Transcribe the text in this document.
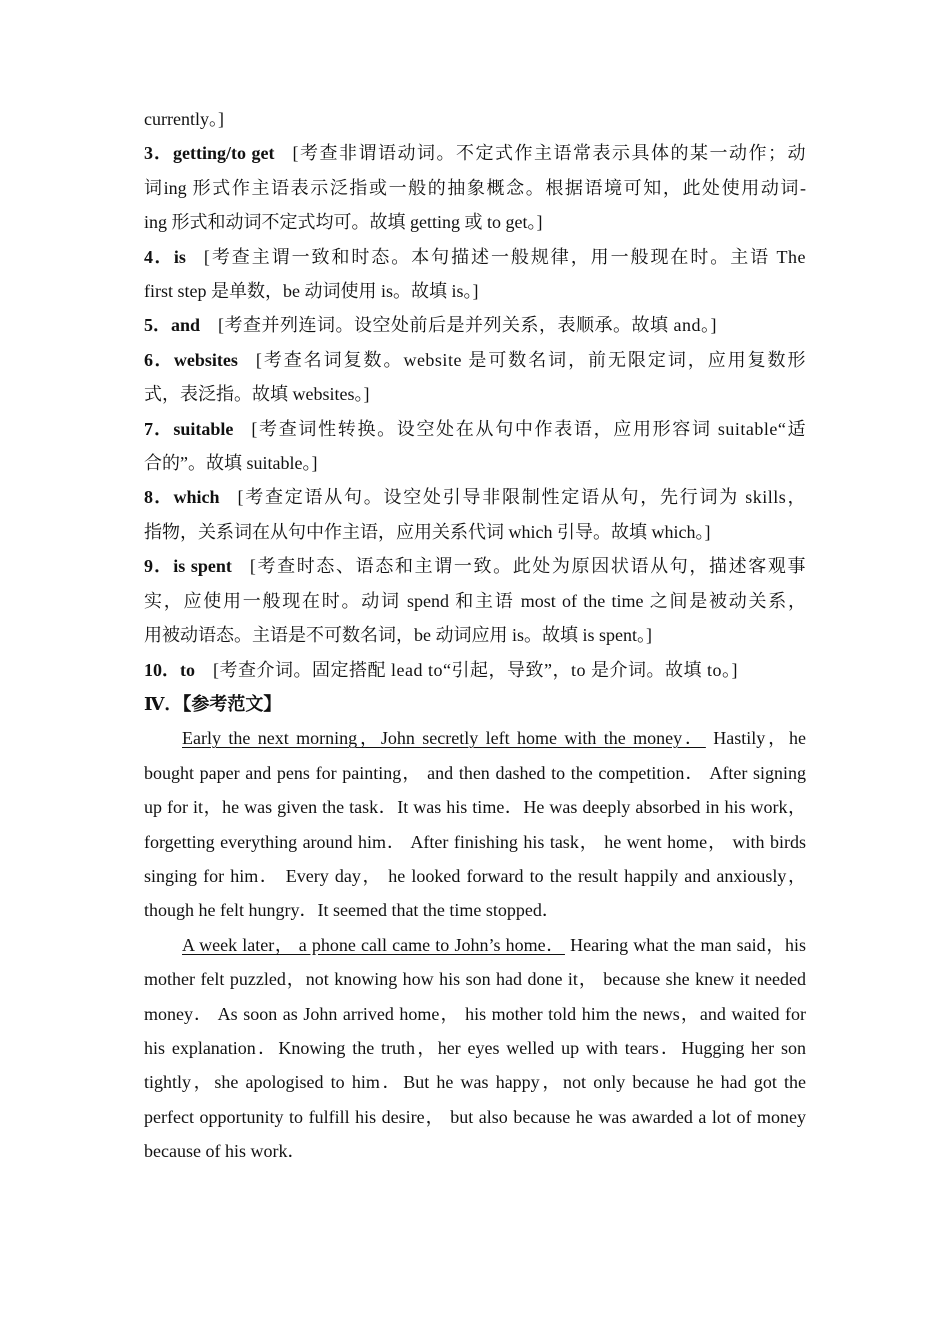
currently。]
3．getting/to get [考查非谓语动词。不定式作主语常表示具体的某一动作；动
词ing 形式作主语表示泛指或一般的抽象概念。根据语境可知，此处使用动词-
ing 形式和动词不定式均可。故填 getting 或 to get。]
4．is [考查主谓一致和时态。本句描述一般规律，用一般现在时。主语 The
first step 是单数，be 动词使用 is。故填 is。]
5．and [考查并列连词。设空处前后是并列关系，表顺承。故填 and。]
6．websites [考查名词复数。website 是可数名词，前无限定词，应用复数形
式，表泛指。故填 websites。]
7．suitable [考查词性转换。设空处在从句中作表语，应用形容词 suitable“适
合的”。故填 suitable。]
8．which [考查定语从句。设空处引导非限制性定语从句，先行词为 skills，
指物，关系词在从句中作主语，应用关系代词 which 引导。故填 which。]
9．is spent [考查时态、语态和主谓一致。此处为原因状语从句，描述客观事
实，应使用一般现在时。动词 spend 和主语 most of the time 之间是被动关系，
用被动语态。主语是不可数名词，be 动词应用 is。故填 is spent。]
10．to [考查介词。固定搭配 lead to“引起，导致”，to 是介词。故填 to。]
Ⅳ．【参考范文】

Early the next morning，John secretly left home with the money． Hastily，he bought paper and pens for painting， and then dashed to the competition． After signing up for it，he was given the task．It was his time．He was deeply absorbed in his work， forgetting everything around him． After finishing his task， he went home， with birds singing for him． Every day， he looked forward to the result happily and anxiously，though he felt hungry．It seemed that the time stopped．

A week later， a phone call came to John’s home． Hearing what the man said，his mother felt puzzled，not knowing how his son had done it， because she knew it needed money． As soon as John arrived home， his mother told him the news，and waited for his explanation．Knowing the truth，her eyes welled up with tears．Hugging her son tightly，she apologised to him．But he was happy，not only because he had got the perfect opportunity to fulfill his desire， but also because he was awarded a lot of money because of his work．
